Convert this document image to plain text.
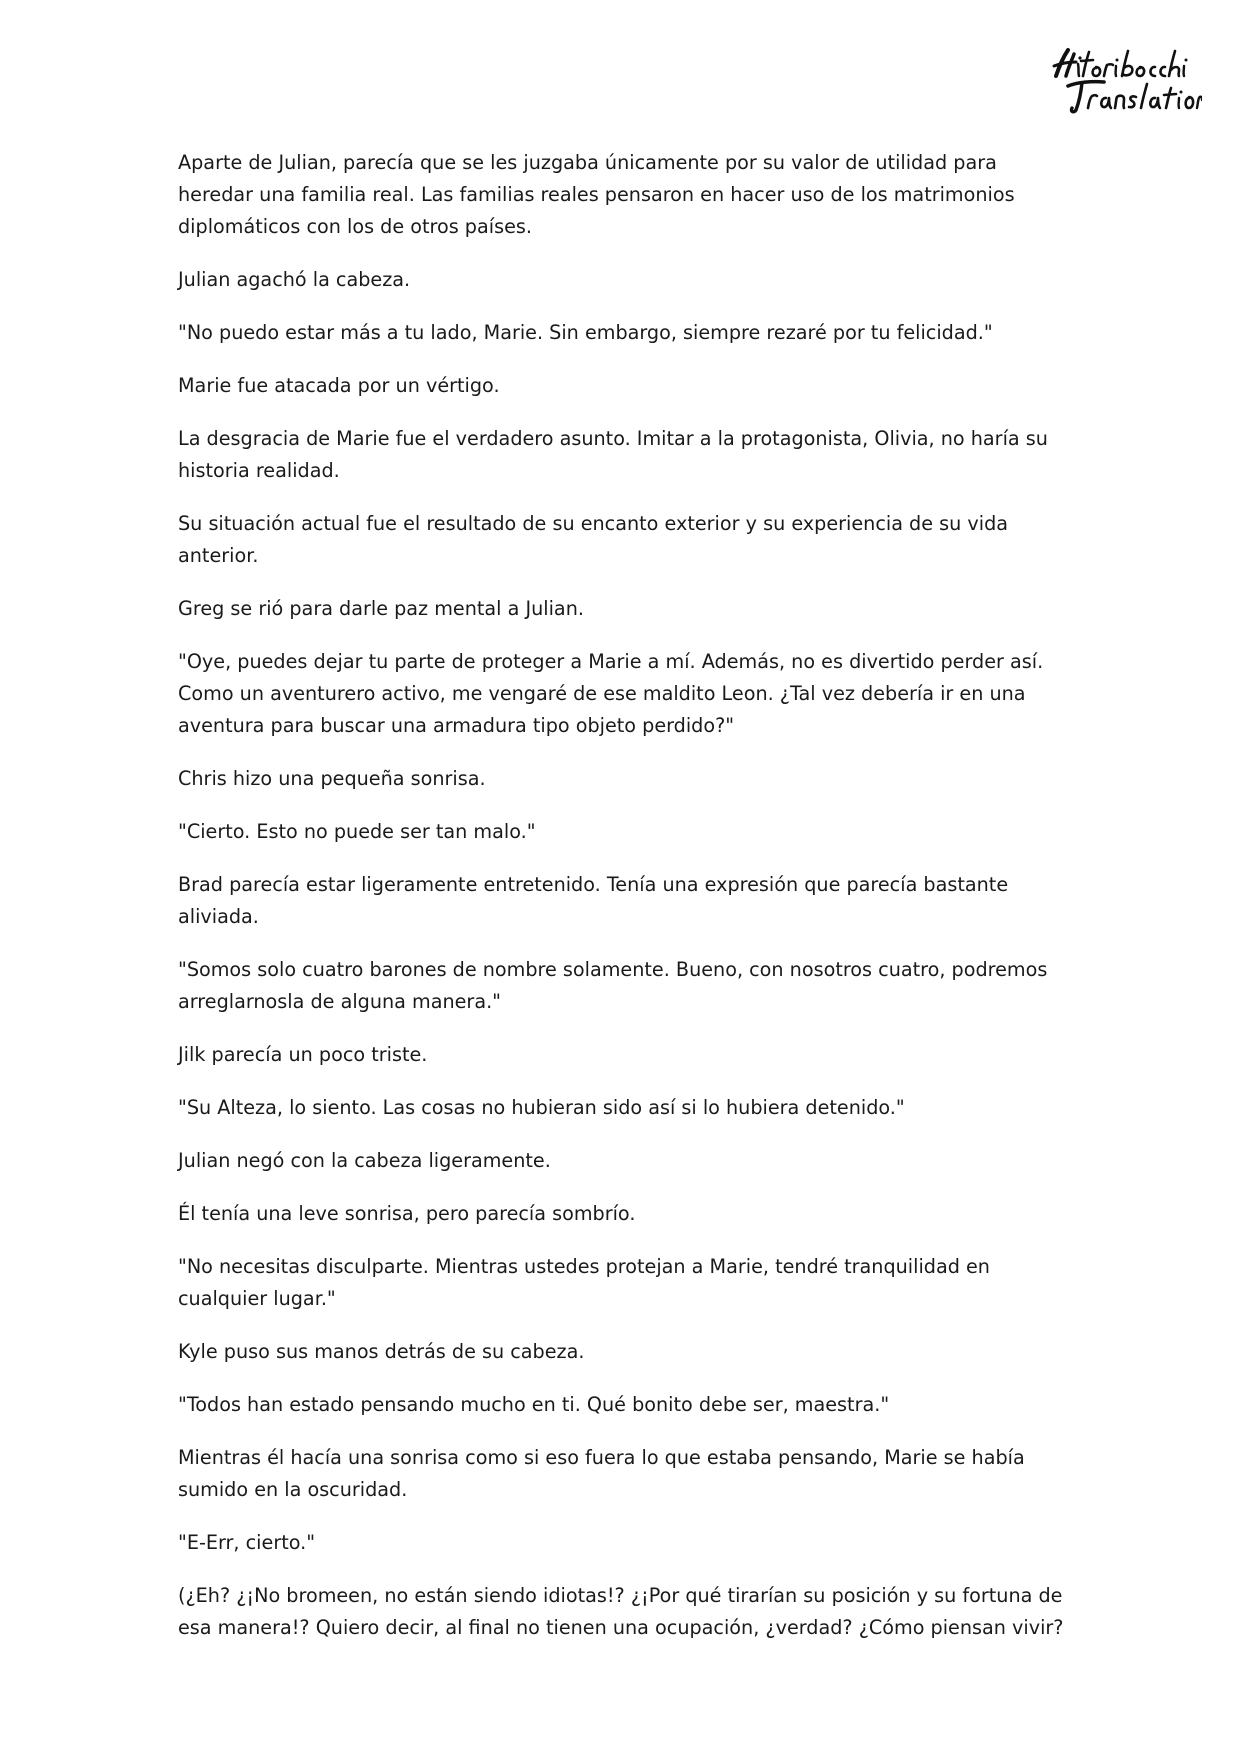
Aparte de Julian, parecía que se les juzgaba únicamente por su valor de utilidad para heredar una familia real. Las familias reales pensaron en hacer uso de los matrimonios diplomáticos con los de otros países.

Julian agachó la cabeza.

"No puedo estar más a tu lado, Marie. Sin embargo, siempre rezaré por tu felicidad."

Marie fue atacada por un vértigo.

La desgracia de Marie fue el verdadero asunto. Imitar a la protagonista, Olivia, no haría su historia realidad.

Su situación actual fue el resultado de su encanto exterior y su experiencia de su vida anterior.

Greg se rió para darle paz mental a Julian.

"Oye, puedes dejar tu parte de proteger a Marie a mí. Además, no es divertido perder así. Como un aventurero activo, me vengaré de ese maldito Leon. ¿Tal vez debería ir en una aventura para buscar una armadura tipo objeto perdido?"

Chris hizo una pequeña sonrisa.

"Cierto. Esto no puede ser tan malo."

Brad parecía estar ligeramente entretenido. Tenía una expresión que parecía bastante aliviada.

"Somos solo cuatro barones de nombre solamente. Bueno, con nosotros cuatro, podremos arreglarnosla de alguna manera."

Jilk parecía un poco triste.

"Su Alteza, lo siento. Las cosas no hubieran sido así si lo hubiera detenido."

Julian negó con la cabeza ligeramente.

Él tenía una leve sonrisa, pero parecía sombrío.

"No necesitas disculparte. Mientras ustedes protejan a Marie, tendré tranquilidad en cualquier lugar."

Kyle puso sus manos detrás de su cabeza.

"Todos han estado pensando mucho en ti. Qué bonito debe ser, maestra."

Mientras él hacía una sonrisa como si eso fuera lo que estaba pensando, Marie se había sumido en la oscuridad.

"E-Err, cierto."

(¿Eh? ¿¡No bromeen, no están siendo idiotas!? ¿¡Por qué tirarían su posición y su fortuna de esa manera!? Quiero decir, al final no tienen una ocupación, ¿verdad? ¿Cómo piensan vivir?
